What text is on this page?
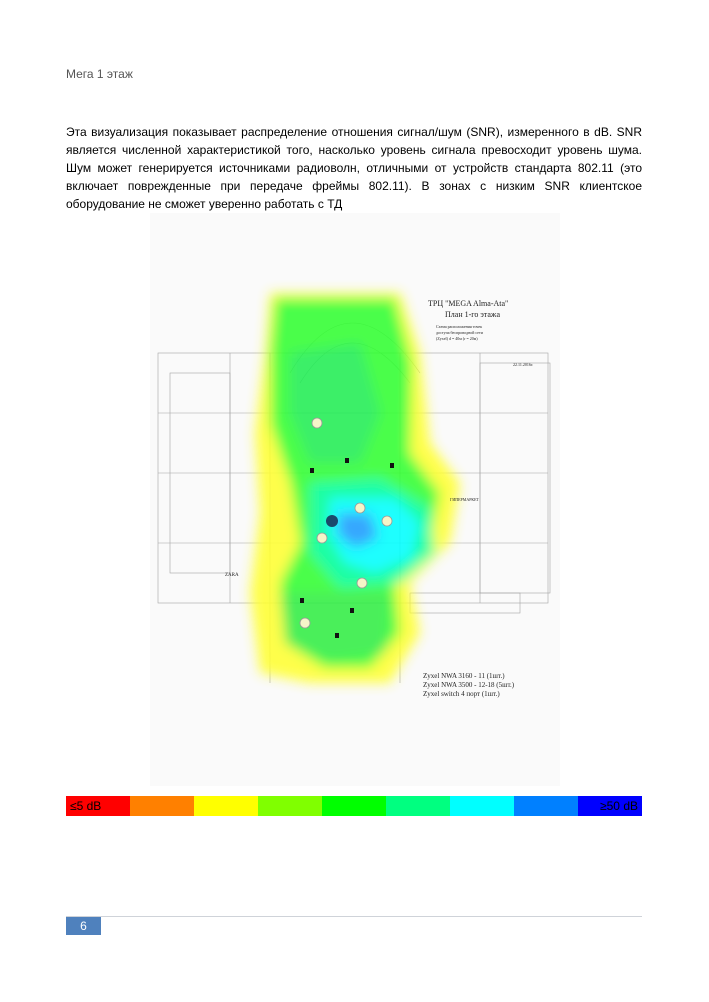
Мега 1 этаж
Эта визуализация показывает распределение отношения сигнал/шум (SNR), измеренного в dB. SNR является численной характеристикой того, насколько уровень сигнала превосходит уровень шума. Шум может генерируется источниками радиоволн, отличными от устройств стандарта 802.11 (это включает поврежденные при передаче фреймы 802.11). В зонах с низким SNR клиентское оборудование не сможет уверенно работать с ТД
ТРЦ "MEGA Alma-Ata"
План 1-го этажа
Схема расположения точек
доступа беспроводной сети
(Zyxel) d = 40м (r = 20м)
22.11.2016г.
ГИПЕРМАРКЕТ
ZARA
Zyxel NWA 3160 - 11 (1шт.)
Zyxel NWA 3500 - 12-18 (5шт.)
Zyxel switch 4 порт (1шт.)
≤5 dB	≥50 dB
6
